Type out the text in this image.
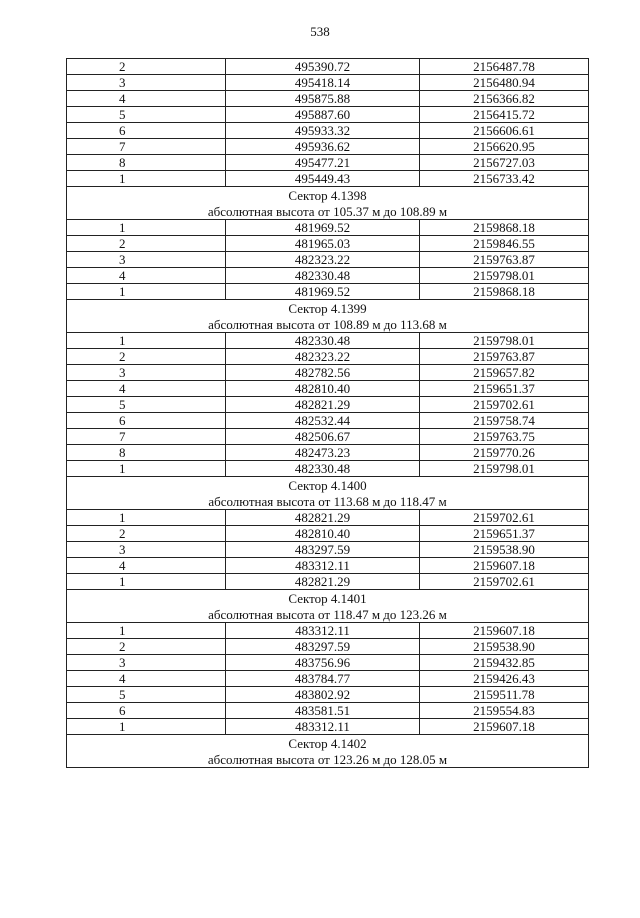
538
2	495390.72	2156487.78
3	495418.14	2156480.94
4	495875.88	2156366.82
5	495887.60	2156415.72
6	495933.32	2156606.61
7	495936.62	2156620.95
8	495477.21	2156727.03
1	495449.43	2156733.42
Сектор 4.1398		
абсолютная высота от 105.37 м до 108.89 м		
1	481969.52	2159868.18
2	481965.03	2159846.55
3	482323.22	2159763.87
4	482330.48	2159798.01
1	481969.52	2159868.18
Сектор 4.1399		
абсолютная высота от 108.89 м до 113.68 м		
1	482330.48	2159798.01
2	482323.22	2159763.87
3	482782.56	2159657.82
4	482810.40	2159651.37
5	482821.29	2159702.61
6	482532.44	2159758.74
7	482506.67	2159763.75
8	482473.23	2159770.26
1	482330.48	2159798.01
Сектор 4.1400		
абсолютная высота от 113.68 м до 118.47 м		
1	482821.29	2159702.61
2	482810.40	2159651.37
3	483297.59	2159538.90
4	483312.11	2159607.18
1	482821.29	2159702.61
Сектор 4.1401		
абсолютная высота от 118.47 м до 123.26 м		
1	483312.11	2159607.18
2	483297.59	2159538.90
3	483756.96	2159432.85
4	483784.77	2159426.43
5	483802.92	2159511.78
6	483581.51	2159554.83
1	483312.11	2159607.18
Сектор 4.1402		
абсолютная высота от 123.26 м до 128.05 м		
